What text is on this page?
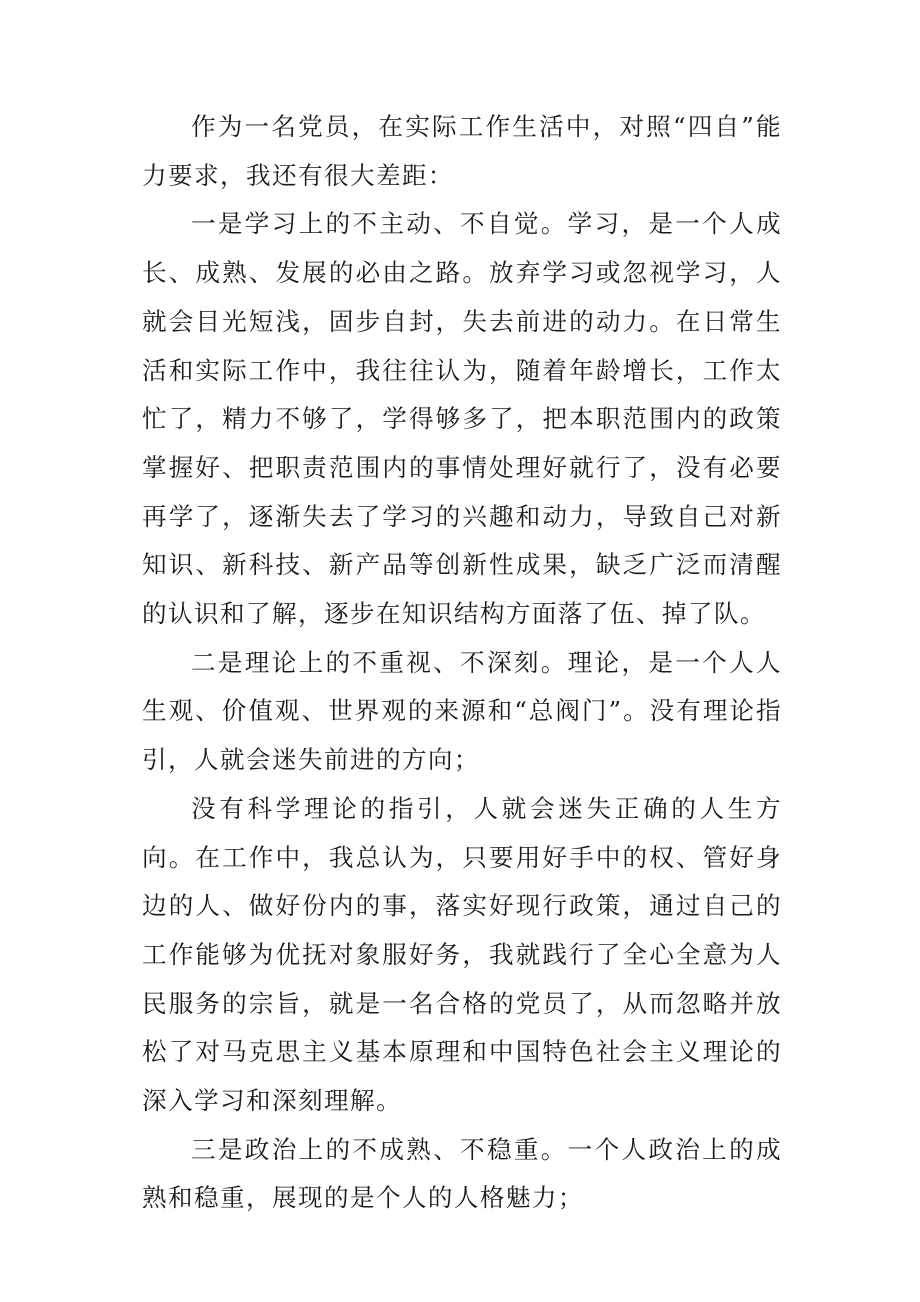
作为一名党员，在实际工作生活中，对照“四自”能力要求，我还有很大差距：

一是学习上的不主动、不自觉。学习，是一个人成长、成熟、发展的必由之路。放弃学习或忽视学习，人就会目光短浅，固步自封，失去前进的动力。在日常生活和实际工作中，我往往认为，随着年龄增长，工作太忙了，精力不够了，学得够多了，把本职范围内的政策掌握好、把职责范围内的事情处理好就行了，没有必要再学了，逐渐失去了学习的兴趣和动力，导致自己对新知识、新科技、新产品等创新性成果，缺乏广泛而清醒的认识和了解，逐步在知识结构方面落了伍、掉了队。

二是理论上的不重视、不深刻。理论，是一个人人生观、价值观、世界观的来源和“总阀门”。没有理论指引，人就会迷失前进的方向；

没有科学理论的指引，人就会迷失正确的人生方向。在工作中，我总认为，只要用好手中的权、管好身边的人、做好份内的事，落实好现行政策，通过自己的工作能够为优抚对象服好务，我就践行了全心全意为人民服务的宗旨，就是一名合格的党员了，从而忽略并放松了对马克思主义基本原理和中国特色社会主义理论的深入学习和深刻理解。

三是政治上的不成熟、不稳重。一个人政治上的成熟和稳重，展现的是个人的人格魅力；
